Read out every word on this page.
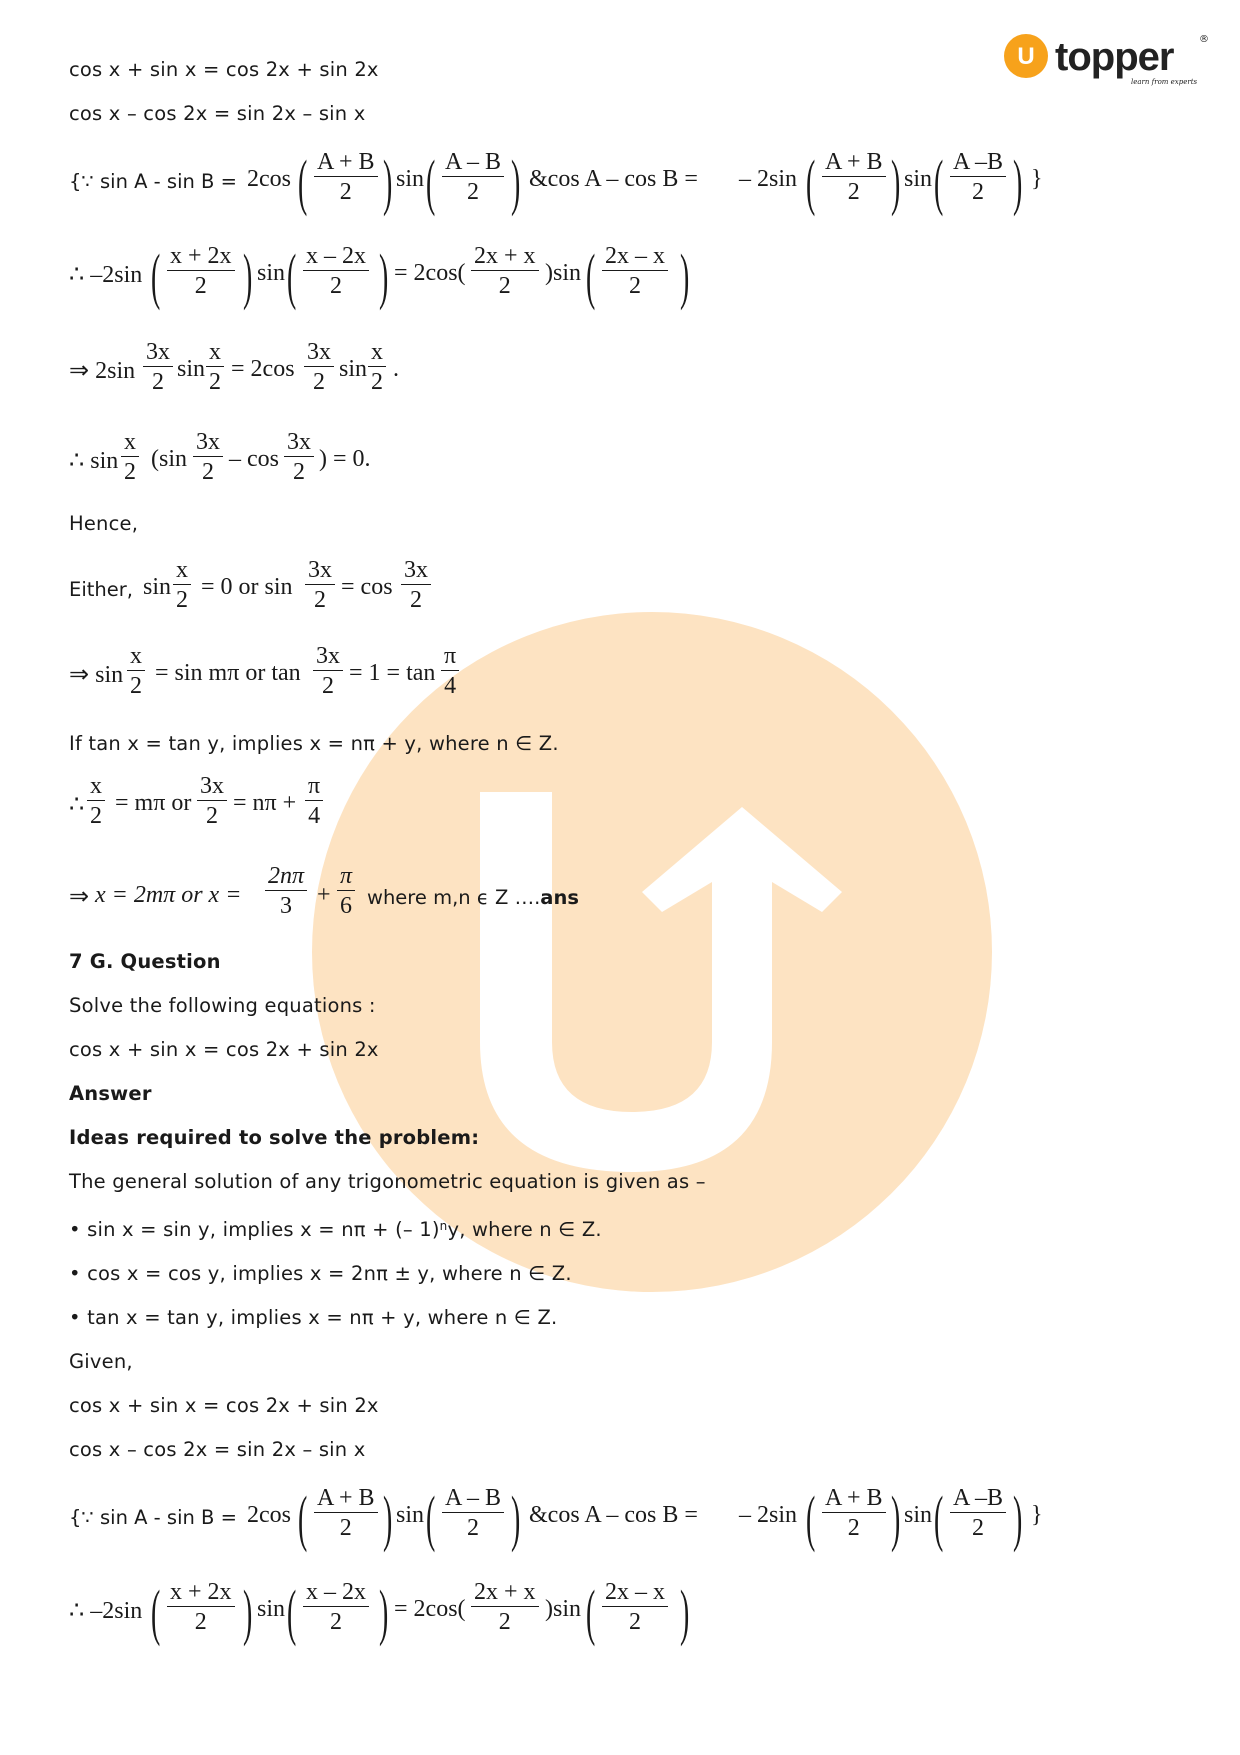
U topper	®
learn from experts
cos x + sin x = cos 2x + sin 2x
cos x – cos 2x = sin 2x – sin x
{∵ sin A - sin B = 2cos ( A + B
2 ) sin ( A – B
2 ) &cos A – cos B = – 2sin ( A + B
2 ) sin ( A –B
2 ) }
∴ –2sin ( x + 2x
2 ) sin ( x – 2x
2 ) = 2cos(
2x + x
2	)sin ( 2x – x
2 )
⇒ 2sin
3x
2 sin
x
2 = 2cos
3x
2 sin
x
2 .
∴ sin
x
2 (sin
3x
2 – cos
3x
2 ) = 0.
Hence,
Either, sin
x
2 = 0 or sin
3x
2 = cos
3x
2
⇒ sin
x
2 = sin mπ or tan
3x
2 = 1 = tan
π
4
If tan x = tan y, implies x = nπ + y, where n ∈ Z.
∴
x
2 = mπ or
3x
2 = nπ +
π
4
⇒ x = 2mπ or x =
2nπ
3	+
π
6 where m,n ϵ Z ….ans
7 G. Question
Solve the following equations :
cos x + sin x = cos 2x + sin 2x
Answer
Ideas required to solve the problem:
The general solution of any trigonometric equation is given as –
• sin x = sin y, implies x = nπ + (– 1)$^n$y, where n ∈ Z.
• cos x = cos y, implies x = 2nπ ± y, where n ∈ Z.
• tan x = tan y, implies x = nπ + y, where n ∈ Z.
Given,
cos x + sin x = cos 2x + sin 2x
cos x – cos 2x = sin 2x – sin x
{∵ sin A - sin B = 2cos ( A + B
2 ) sin ( A – B
2 ) &cos A – cos B = – 2sin ( A + B
2 ) sin ( A –B
2 ) }
∴ –2sin ( x + 2x
2 ) sin ( x – 2x
2 ) = 2cos(
2x + x
2	)sin ( 2x – x
2 )
